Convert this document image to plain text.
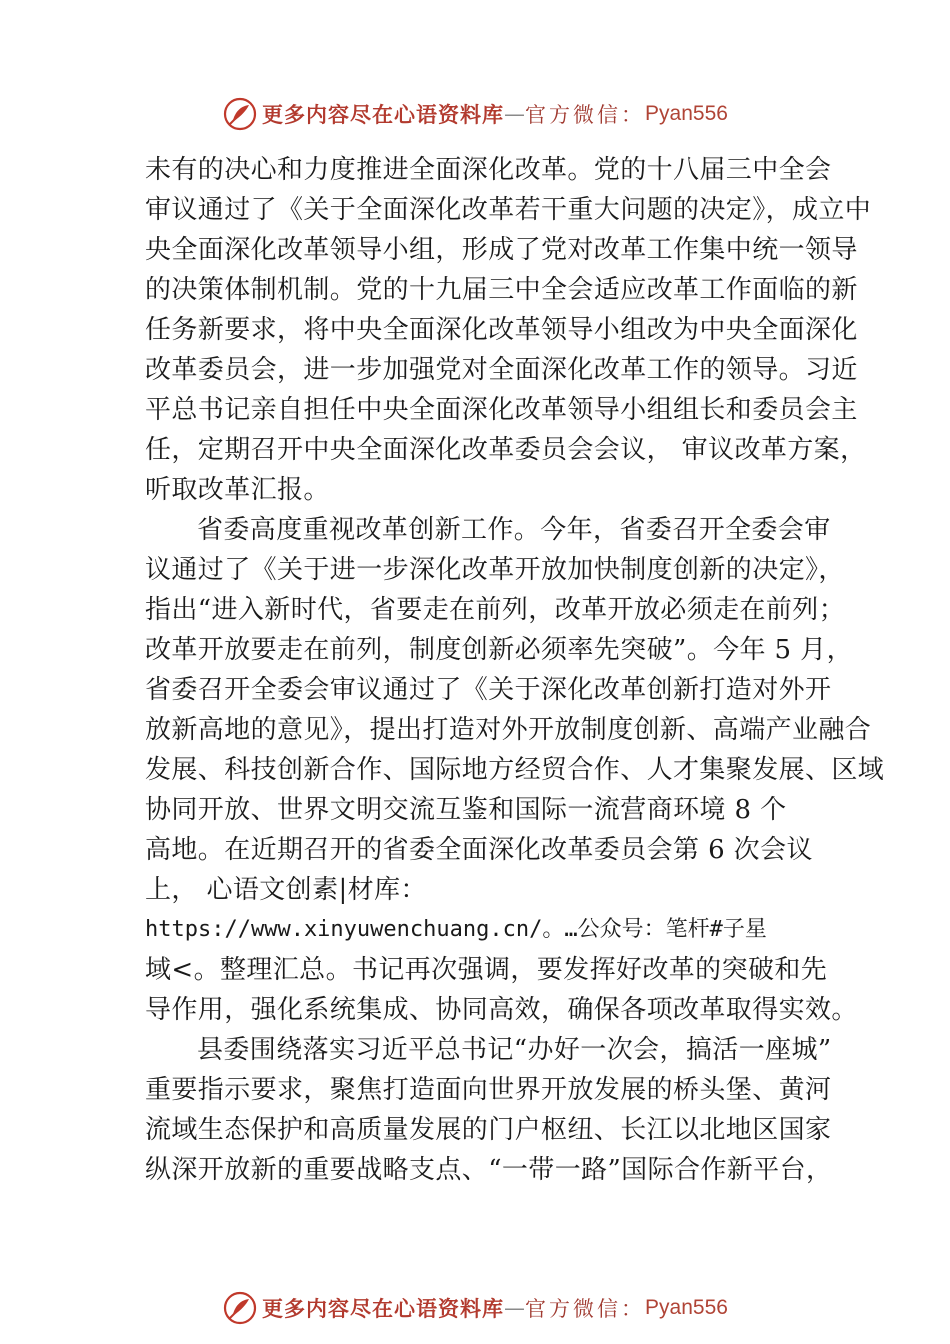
更多内容尽在心语资料库 — 官方微信： Pyan556
未有的决心和力度推进全面深化改革。党的十八届三中全会
审议通过了《关于全面深化改革若干重大问题的决定》，成立中
央全面深化改革领导小组，形成了党对改革工作集中统一领导
的决策体制机制。党的十九届三中全会适应改革工作面临的新
任务新要求，将中央全面深化改革领导小组改为中央全面深化
改革委员会，进一步加强党对全面深化改革工作的领导。习近
平总书记亲自担任中央全面深化改革领导小组组长和委员会主
任，定期召开中央全面深化改革委员会会议， 审议改革方案，
听取改革汇报。
省委高度重视改革创新工作。今年，省委召开全委会审
议通过了《关于进一步深化改革开放加快制度创新的决定》，
指出“进入新时代，省要走在前列，改革开放必须走在前列；
改革开放要走在前列，制度创新必须率先突破”。今年 5 月，
省委召开全委会审议通过了《关于深化改革创新打造对外开
放新高地的意见》，提出打造对外开放制度创新、高端产业融合
发展、科技创新合作、国际地方经贸合作、人才集聚发展、区域
协同开放、世界文明交流互鉴和国际一流营商环境 8 个
高地。在近期召开的省委全面深化改革委员会第 6 次会议
上， 心语文创素|材库：
https://www.xinyuwenchuang.cn/。…公众号：笔杆#子星
域<。整理汇总。书记再次强调，要发挥好改革的突破和先
导作用，强化系统集成、协同高效，确保各项改革取得实效。
县委围绕落实习近平总书记“办好一次会，搞活一座城”
重要指示要求，聚焦打造面向世界开放发展的桥头堡、黄河
流域生态保护和高质量发展的门户枢纽、长江以北地区国家
纵深开放新的重要战略支点、“一带一路”国际合作新平台，
更多内容尽在心语资料库 — 官方微信： Pyan556
